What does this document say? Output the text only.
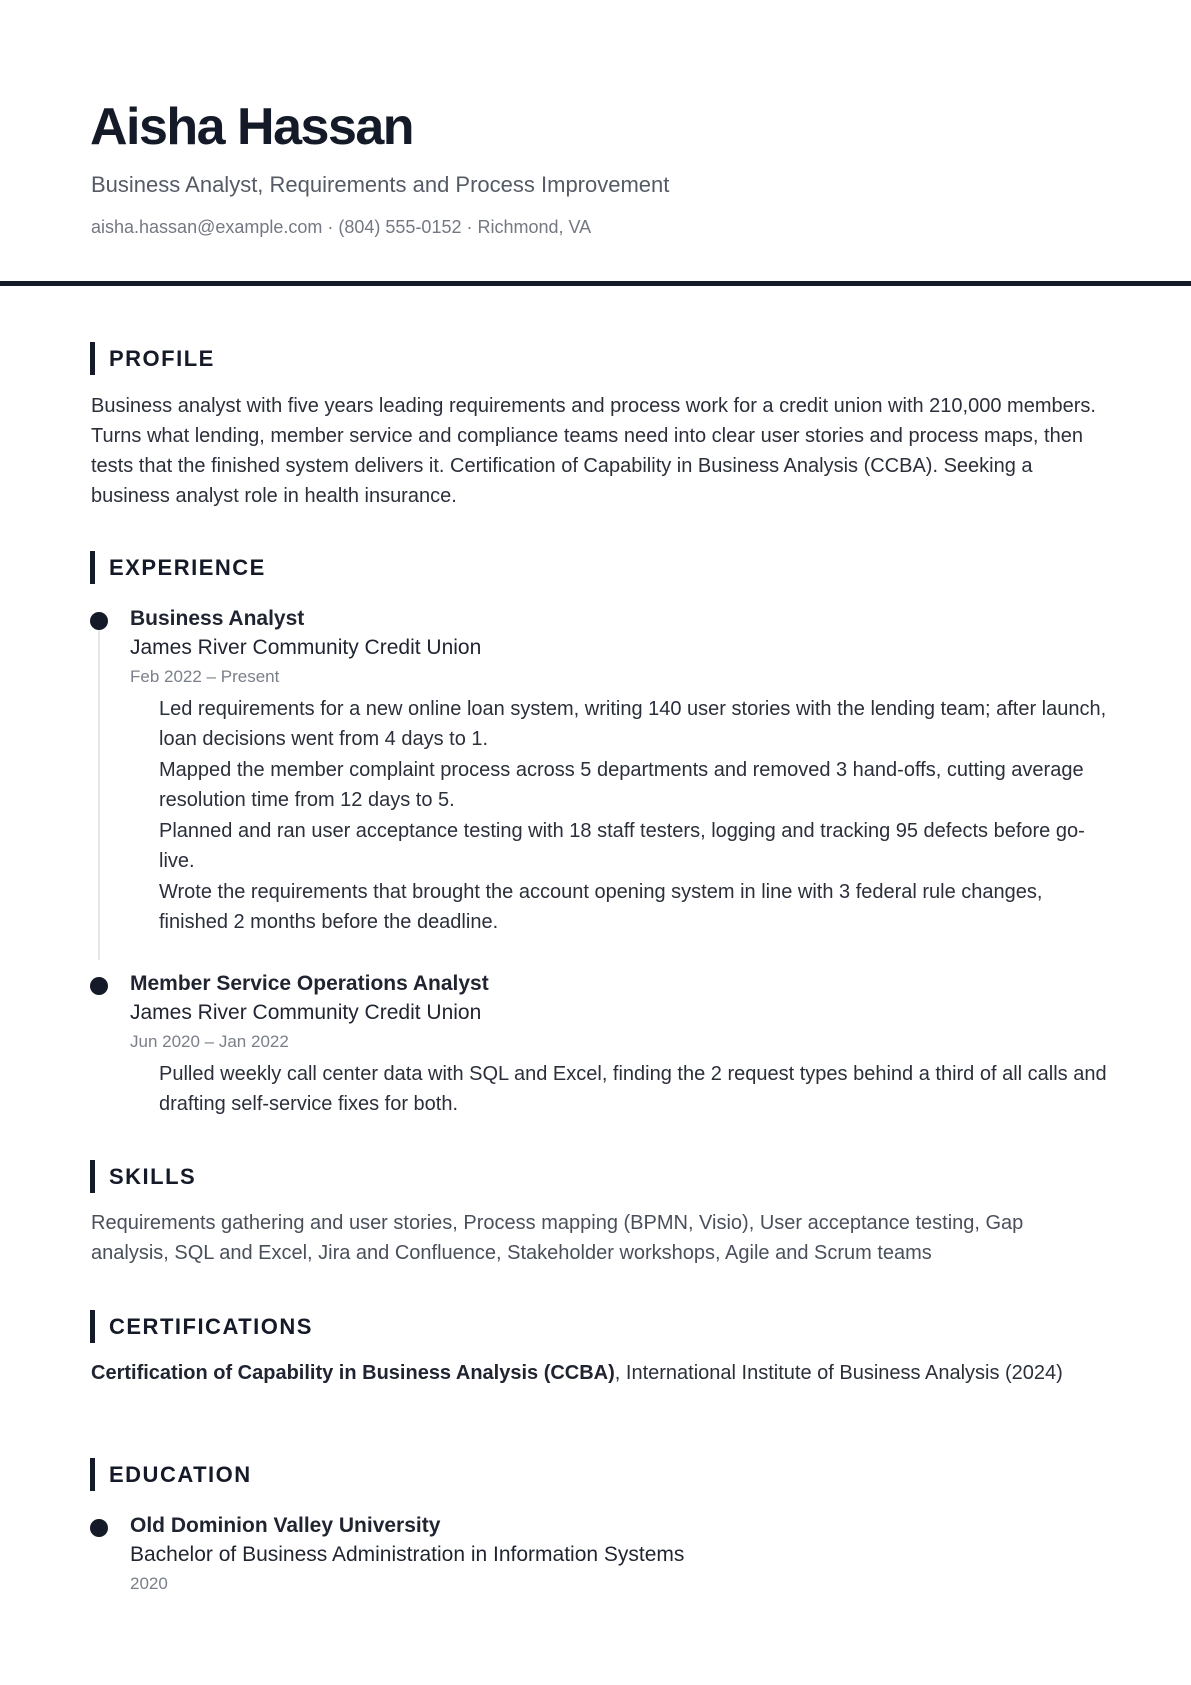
Aisha Hassan
Business Analyst, Requirements and Process Improvement
aisha.hassan@example.com · (804) 555-0152 · Richmond, VA
PROFILE
Business analyst with five years leading requirements and process work for a credit union with 210,000 members. Turns what lending, member service and compliance teams need into clear user stories and process maps, then tests that the finished system delivers it. Certification of Capability in Business Analysis (CCBA). Seeking a business analyst role in health insurance.
EXPERIENCE
Business Analyst
James River Community Credit Union
Feb 2022 – Present
Led requirements for a new online loan system, writing 140 user stories with the lending team; after launch, loan decisions went from 4 days to 1.
Mapped the member complaint process across 5 departments and removed 3 hand-offs, cutting average resolution time from 12 days to 5.
Planned and ran user acceptance testing with 18 staff testers, logging and tracking 95 defects before go-live.
Wrote the requirements that brought the account opening system in line with 3 federal rule changes, finished 2 months before the deadline.
Member Service Operations Analyst
James River Community Credit Union
Jun 2020 – Jan 2022
Pulled weekly call center data with SQL and Excel, finding the 2 request types behind a third of all calls and drafting self-service fixes for both.
SKILLS
Requirements gathering and user stories, Process mapping (BPMN, Visio), User acceptance testing, Gap analysis, SQL and Excel, Jira and Confluence, Stakeholder workshops, Agile and Scrum teams
CERTIFICATIONS
Certification of Capability in Business Analysis (CCBA), International Institute of Business Analysis (2024)
EDUCATION
Old Dominion Valley University
Bachelor of Business Administration in Information Systems
2020
